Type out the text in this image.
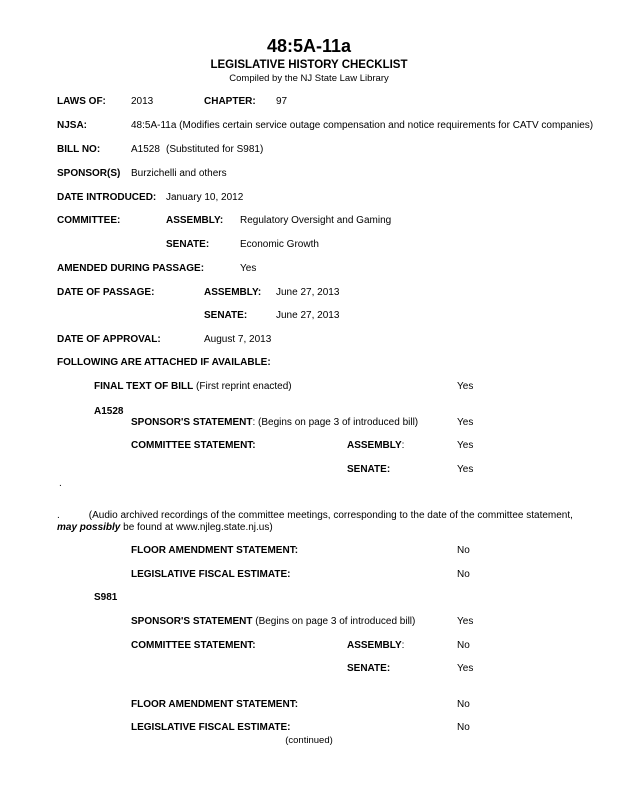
48:5A-11a
LEGISLATIVE HISTORY CHECKLIST
Compiled by the NJ State Law Library
LAWS OF:	2013	CHAPTER: 97
NJSA:	48:5A-11a (Modifies certain service outage compensation and notice requirements for CATV companies)
BILL NO:	A1528 (Substituted for S981)
SPONSOR(S) Burzichelli and others
DATE INTRODUCED: January 10, 2012
COMMITTEE:	ASSEMBLY: Regulatory Oversight and Gaming
SENATE:	Economic Growth
AMENDED DURING PASSAGE:	Yes
DATE OF PASSAGE:	ASSEMBLY: June 27, 2013
SENATE:	June 27, 2013
DATE OF APPROVAL:	August 7, 2013
FOLLOWING ARE ATTACHED IF AVAILABLE:
FINAL TEXT OF BILL (First reprint enacted)	Yes
A1528
SPONSOR'S STATEMENT: (Begins on page 3 of introduced bill)	Yes
COMMITTEE STATEMENT:	ASSEMBLY:	Yes
SENATE:	Yes
.
.	(Audio archived recordings of the committee meetings, corresponding to the date of the committee statement, may possibly be found at www.njleg.state.nj.us)
FLOOR AMENDMENT STATEMENT:	No
LEGISLATIVE FISCAL ESTIMATE:	No
S981
SPONSOR'S STATEMENT (Begins on page 3 of introduced bill)	Yes
COMMITTEE STATEMENT:	ASSEMBLY:	No
SENATE:	Yes
FLOOR AMENDMENT STATEMENT:	No
LEGISLATIVE FISCAL ESTIMATE:	No
(continued)
